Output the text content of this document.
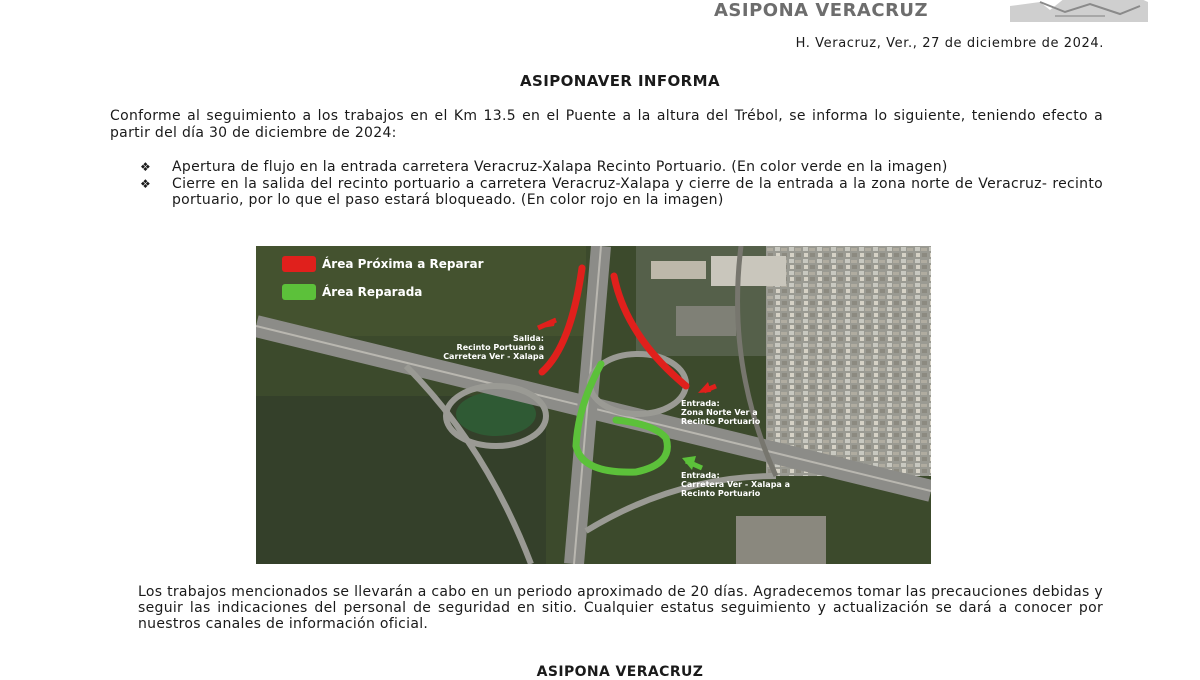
ASIPONA VERACRUZ
H. Veracruz, Ver., 27 de diciembre de 2024.
ASIPONAVER INFORMA
Conforme al seguimiento a los trabajos en el Km 13.5 en el Puente a la altura del Trébol, se informa lo siguiente, teniendo efecto a partir del día 30 de diciembre de 2024:
❖ Apertura de flujo en la entrada carretera Veracruz-Xalapa Recinto Portuario. (En color verde en la imagen)
❖ Cierre en la salida del recinto portuario a carretera Veracruz-Xalapa y cierre de la entrada a la zona norte de Veracruz- recinto portuario, por lo que el paso estará bloqueado. (En color rojo en la imagen)
Área Próxima a Reparar
Área Reparada
Salida:
Recinto Portuario a
Carretera Ver - Xalapa
Entrada:
Zona Norte Ver a
Recinto Portuario
Entrada:
Carretera Ver - Xalapa a
Recinto Portuario
Los trabajos mencionados se llevarán a cabo en un periodo aproximado de 20 días. Agradecemos tomar las precauciones debidas y seguir las indicaciones del personal de seguridad en sitio. Cualquier estatus seguimiento y actualización se dará a conocer por nuestros canales de información oficial.
ASIPONA VERACRUZ
